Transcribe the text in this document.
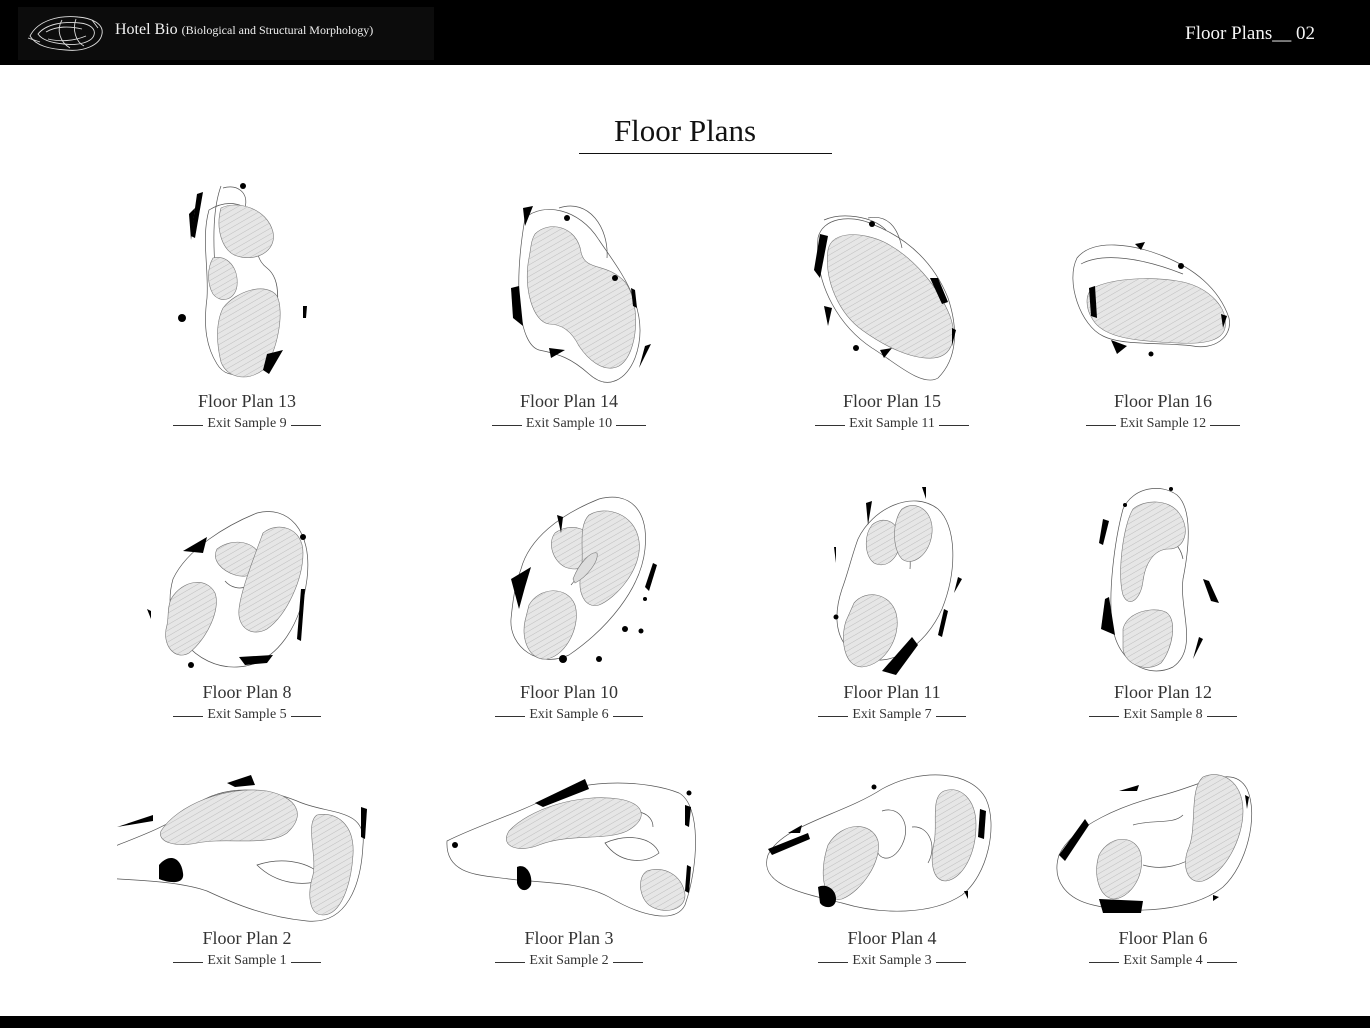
Hotel Bio (Biological and Structural Morphology)	Floor Plans__ 02
Floor Plans
Floor Plan 13
Exit Sample 9
Floor Plan 14
Exit Sample 10
Floor Plan 15
Exit Sample 11
Floor Plan 16
Exit Sample 12
Floor Plan 8
Exit Sample 5
Floor Plan 10
Exit Sample 6
Floor Plan 11
Exit Sample 7
Floor Plan 12
Exit Sample 8
Floor Plan 2
Exit Sample 1
Floor Plan 3
Exit Sample 2
Floor Plan 4
Exit Sample 3
Floor Plan 6
Exit Sample 4
